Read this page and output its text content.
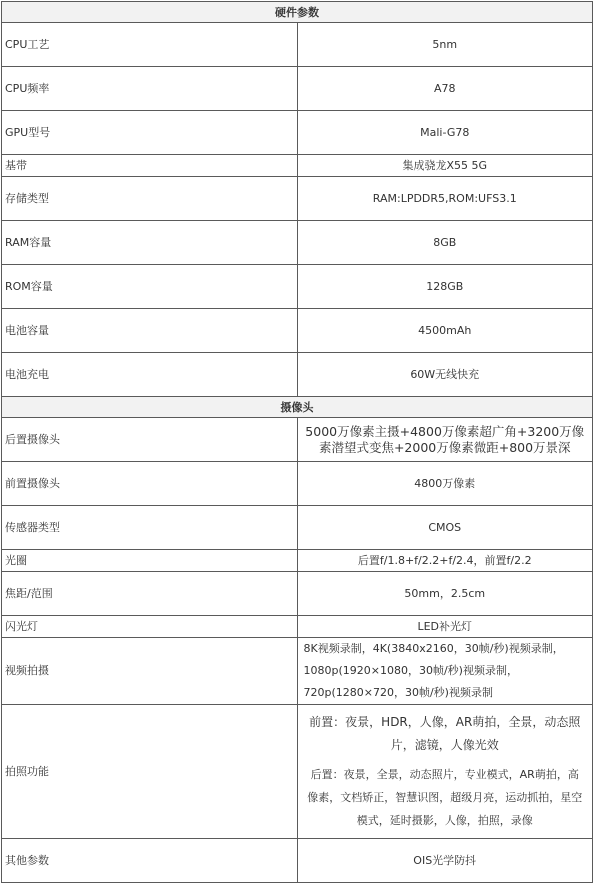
硬件参数	
CPU工艺	5nm
CPU频率	A78
GPU型号	Mali-G78
基带	集成骁龙X55 5G
存储类型	RAM:LPDDR5,ROM:UFS3.1
RAM容量	8GB
ROM容量	128GB
电池容量	4500mAh
电池充电	60W无线快充
摄像头	
后置摄像头	5000万像素主摄+4800万像素超广角+3200万像素潜望式变焦+2000万像素微距+800万景深
前置摄像头	4800万像素
传感器类型	CMOS
光圈	后置f/1.8+f/2.2+f/2.4，前置f/2.2
焦距/范围	50mm，2.5cm
闪光灯	LED补光灯
视频拍摄	8K视频录制，4K(3840x2160，30帧/秒)视频录制，1080p(1920×1080，30帧/秒)视频录制，720p(1280×720，30帧/秒)视频录制
拍照功能	前置：夜景，HDR，人像，AR萌拍，全景，动态照片，滤镜，人像光效

后置：夜景，全景，动态照片，专业模式，AR萌拍，高像素，文档矫正，智慧识图，超级月亮，运动抓拍，星空模式，延时摄影，人像，拍照，录像

其他参数	OIS光学防抖
